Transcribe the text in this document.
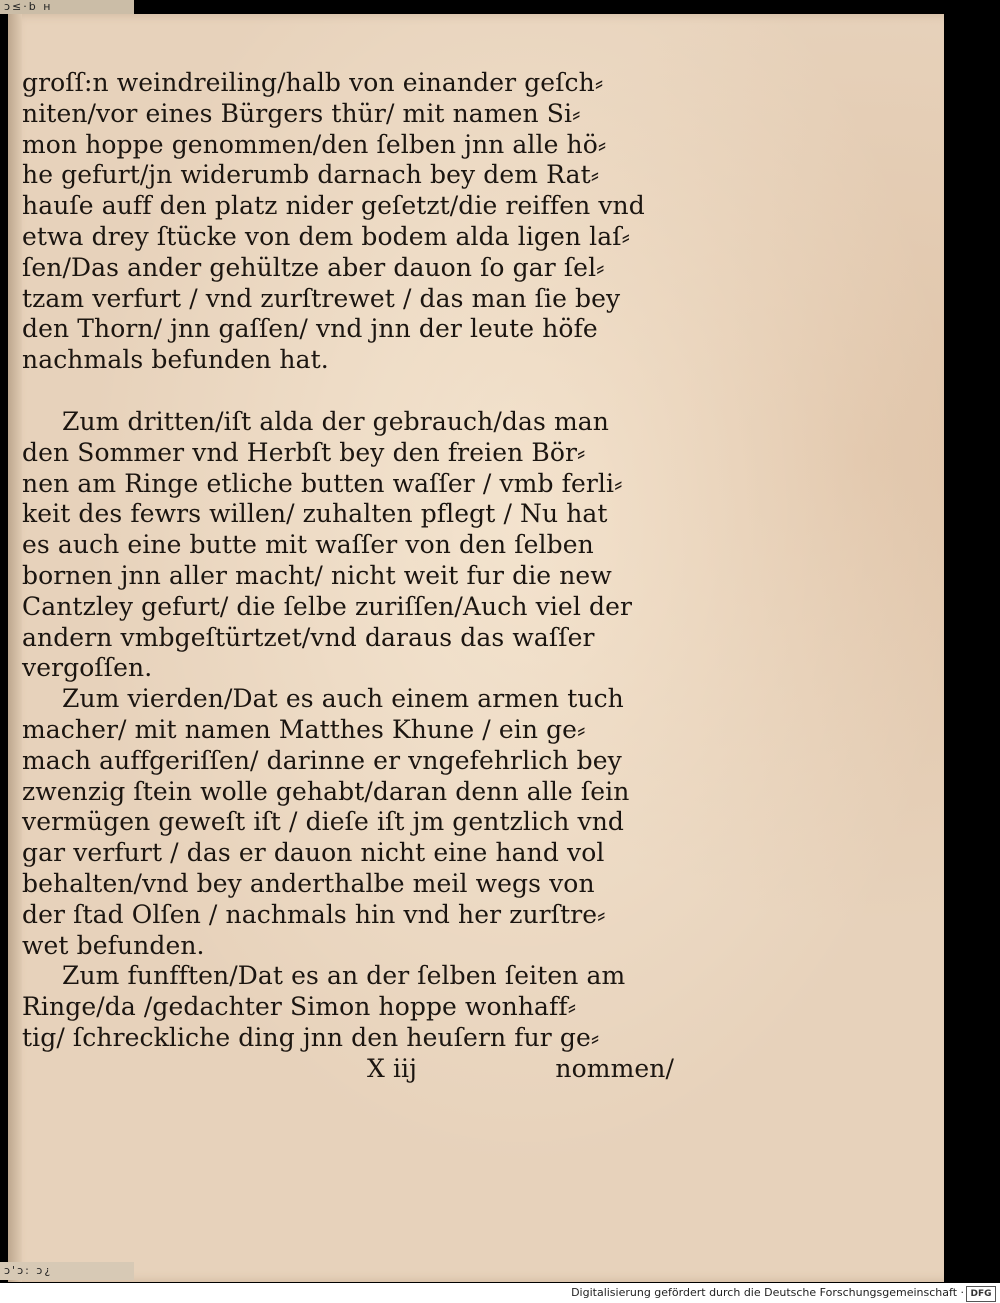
ɔ≤·b ʜ
ɔ'ɔ: ɔ¿
groſſ:n weindreiling/halb von einander geſch⸗
niten/vor eines Bürgers thür/ mit namen Si⸗
mon hoppe genommen/den ſelben jnn alle hö⸗
he gefurt/jn widerumb darnach bey dem Rat⸗
hauſe auff den platz nider geſetzt/die reiffen vnd
etwa drey ſtücke von dem bodem alda ligen laſ⸗
ſen/Das ander gehültze aber dauon ſo gar ſel⸗
tzam verfurt / vnd zurſtrewet / das man ſie bey
den Thorn/ jnn gaſſen/ vnd jnn der leute höfe
nachmals befunden hat.
Zum dritten/iſt alda der gebrauch/das man
den Sommer vnd Herbſt bey den freien Bör⸗
nen am Ringe etliche butten waſſer / vmb ferli⸗
keit des fewrs willen/ zuhalten pflegt / Nu hat
es auch eine butte mit waſſer von den ſelben
bornen jnn aller macht/ nicht weit fur die new
Cantzley gefurt/ die ſelbe zuriſſen/Auch viel der
andern vmbgeſtürtzet/vnd daraus das waſſer
vergoſſen.
Zum vierden/Dat es auch einem armen tuch
macher/ mit namen Matthes Khune / ein ge⸗
mach auffgeriſſen/ darinne er vngefehrlich bey
zwenzig ſtein wolle gehabt/daran denn alle ſein
vermügen geweſt iſt / dieſe iſt jm gentzlich vnd
gar verfurt / das er dauon nicht eine hand vol
behalten/vnd bey anderthalbe meil wegs von
der ſtad Olſen / nachmals hin vnd her zurſtre⸗
wet befunden.
Zum funfften/Dat es an der ſelben ſeiten am
Ringe/da /gedachter Simon hoppe wonhaff⸗
tig/ ſchreckliche ding jnn den heuſern fur ge⸗
X iij	nommen/
Digitalisierung gefördert durch die Deutsche Forschungsgemeinschaft · DFG
